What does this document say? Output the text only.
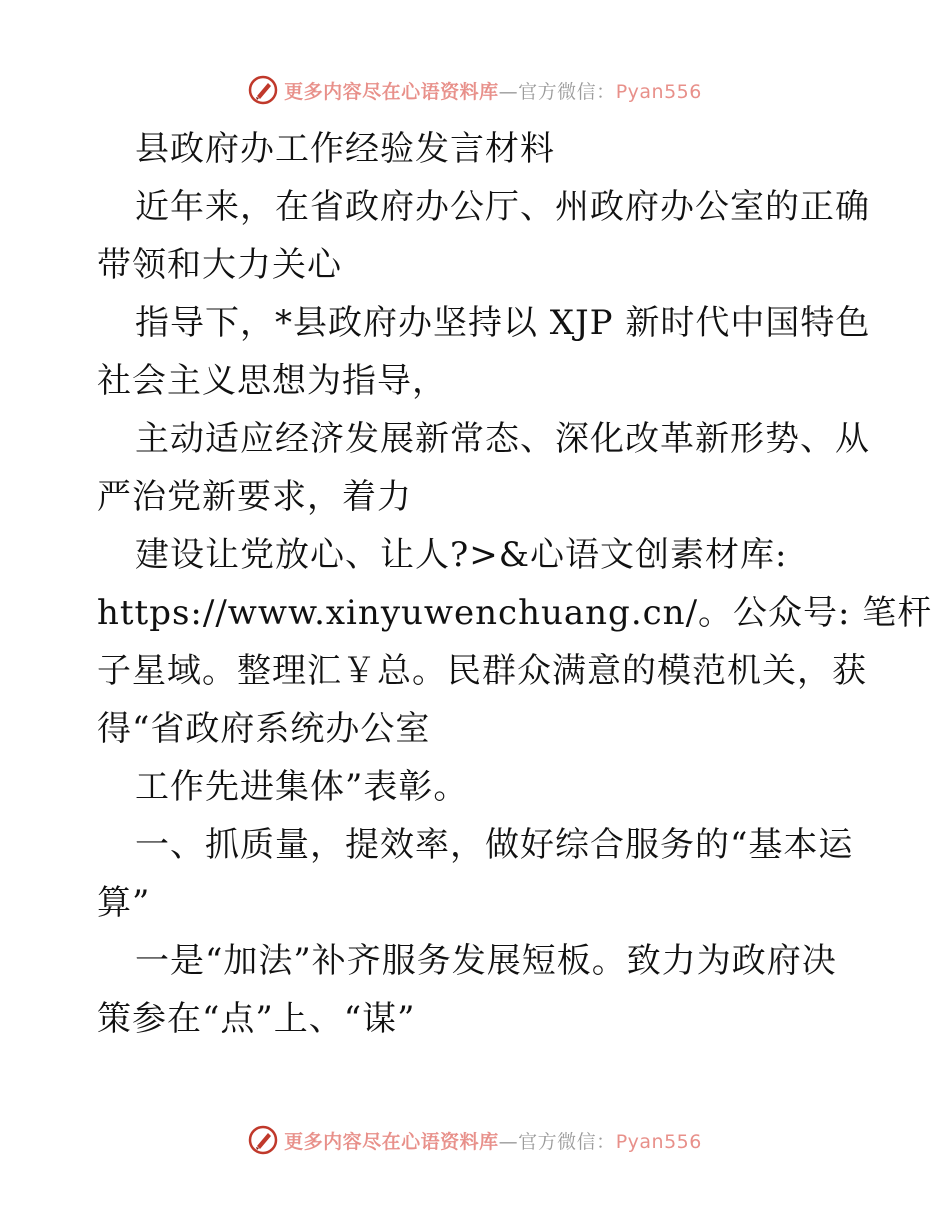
更多内容尽在心语资料库—官方微信：Pyan556
县政府办工作经验发言材料
近年来，在省政府办公厅、州政府办公室的正确
带领和大力关心
指导下，*县政府办坚持以 XJP 新时代中国特色
社会主义思想为指导，
主动适应经济发展新常态、深化改革新形势、从
严治党新要求，着力
建设让党放心、让人?>&心语文创素材库:
https://www.xinyuwenchuang.cn/。公众号: 笔杆
子星域。整理汇￥总。民群众满意的模范机关，获
得“省政府系统办公室
工作先进集体”表彰。
一、抓质量，提效率，做好综合服务的“基本运
算”
一是“加法”补齐服务发展短板。致力为政府决
策参在“点”上、“谋”
更多内容尽在心语资料库—官方微信：Pyan556
